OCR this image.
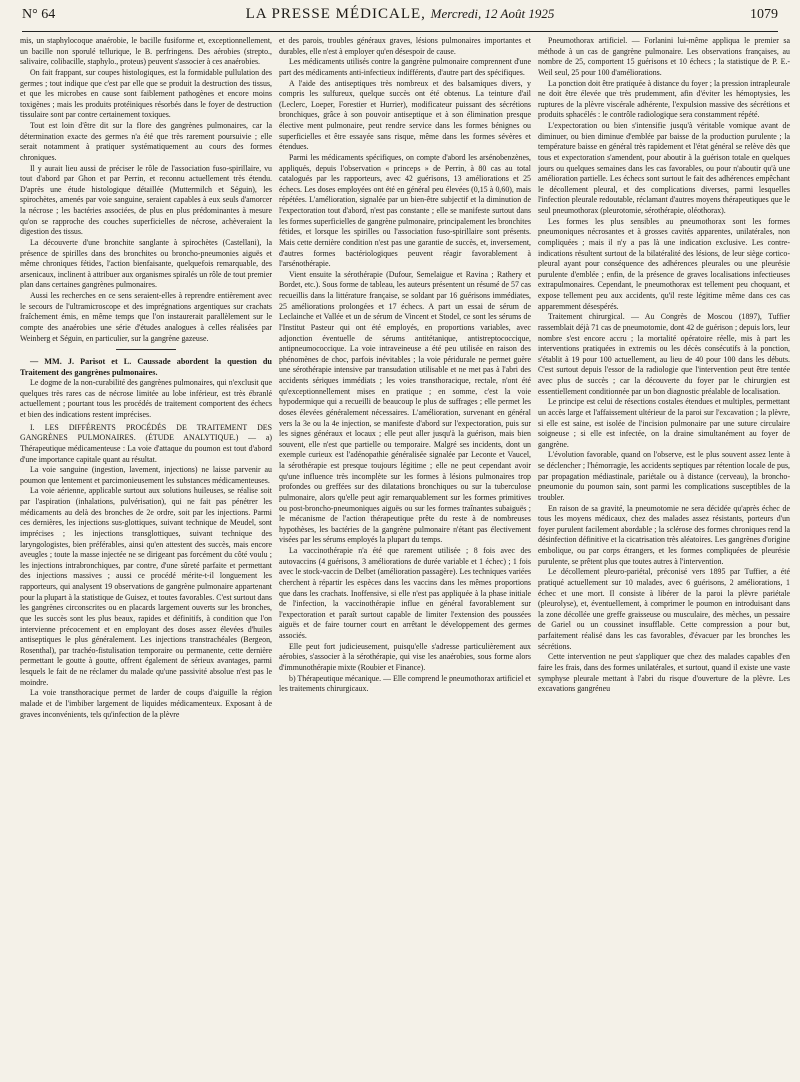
N° 64	LA PRESSE MÉDICALE, Mercredi, 12 Août 1925	1079

mis, un staphylocoque anaérobie, le bacille fusiforme et, exceptionnellement, un bacille non sporulé tellurique, le B. perfringens. Des aérobies (strepto., salivaire, colibacille, staphylo., proteus) peuvent s'associer à ces anaérobies.

On fait frappant, sur coupes histologiques, est la formidable pullulation des germes ; tout indique que c'est par elle que se produit la destruction des tissus, et que les microbes en cause sont faiblement pathogènes et encore moins toxigènes ; mais les produits protéiniques résorbés dans le foyer de destruction tissulaire sont par contre certainement toxiques.

Tout est loin d'être dit sur la flore des gangrènes pulmonaires, car la détermination exacte des germes n'a été que très rarement poursuivie ; elle serait notamment à pratiquer systématiquement au cours des formes chroniques.

Il y aurait lieu aussi de préciser le rôle de l'association fuso-spirillaire, vu tout d'abord par Ghon et par Perrin, et reconnu actuellement très étendu. D'après une étude histologique détaillée (Muttermilch et Séguin), les spirochètes, amenés par voie sanguine, seraient capables à eux seuls d'amorcer la nécrose ; les bactéries associées, de plus en plus prédominantes à mesure qu'on se rapproche des couches superficielles de nécrose, achèveraient la digestion des tissus.

La découverte d'une bronchite sanglante à spirochètes (Castellani), la présence de spirilles dans des bronchites ou broncho-pneumonies aiguës et même chroniques fétides, l'action bienfaisante, quelquefois remarquable, des arsenicaux, inclinent à attribuer aux organismes spiralés un rôle de tout premier plan dans certaines gangrènes pulmonaires.

Aussi les recherches en ce sens seraient-elles à reprendre entièrement avec le secours de l'ultramicroscope et des imprégnations argentiques sur crachats fraîchement émis, en même temps que l'on instaurerait parallèlement sur le compte des anaérobies une série d'études analogues à celles réalisées par Weinberg et Séguin, en particulier, sur la gangrène gazeuse.

— MM. J. Parisot et L. Caussade abordent la question du Traitement des gangrènes pulmonaires.

Le dogme de la non-curabilité des gangrènes pulmonaires, qui n'exclusit que quelques très rares cas de nécrose limitée au lobe inférieur, est très ébranlé actuellement ; pourtant tous les procédés de traitement comportent des échecs et bien des indications restent imprécises.

I. LES DIFFÉRENTS PROCÉDÉS DE TRAITEMENT DES GANGRÈNES PULMONAIRES. (ÉTUDE ANALYTIQUE.) — a) Thérapeutique médicamenteuse : La voie d'attaque du poumon est tout d'abord d'une importance capitale quant au résultat.

La voie sanguine (ingestion, lavement, injections) ne laisse parvenir au poumon que lentement et parcimonieusement les substances médicamenteuses.

La voie aérienne, applicable surtout aux solutions huileuses, se réalise soit par l'aspiration (inhalations, pulvérisation), qui ne fait pas pénétrer les médicaments au delà des bronches de 2e ordre, soit par les injections. Parmi ces dernières, les injections sus-glottiques, suivant technique de Meudel, sont imprécises ; les injections transglottiques, suivant technique des laryngologistes, bien préférables, ainsi qu'en attestent des succès, mais encore aveugles ; toute la masse injectée ne se dirigeant pas forcément du côté voulu ; les injections intrabronchiques, par contre, d'une sûreté parfaite et permettant des injections massives ; aussi ce procédé mérite-t-il longuement les rapporteurs, qui analysent 19 observations de gangrène pulmonaire appartenant pour la plupart à la statistique de Guisez, et toutes favorables. C'est surtout dans les gangrènes circonscrites ou en placards largement ouverts sur les bronches, que les succès sont les plus beaux, rapides et définitifs, à condition que l'on intervienne précocement et en employant des doses assez élevées d'huiles antiseptiques le plus généralement. Les injections transtrachéales (Bergeon, Rosenthal), par trachéo-fistulisation temporaire ou permanente, cette dernière permettant le goutte à goutte, offrent également de sérieux avantages, parmi lesquels le fait de ne réclamer du malade qu'une passivité absolue n'est pas le moindre.

La voie transthoracique permet de larder de coups d'aiguille la région malade et de l'imbiber largement de liquides médicamenteux. Exposant à de graves inconvénients, tels qu'infection de la plèvre

et des parois, troubles généraux graves, lésions pulmonaires importantes et durables, elle n'est à employer qu'en désespoir de cause.

Les médicaments utilisés contre la gangrène pulmonaire comprennent d'une part des médicaments anti-infectieux indifférents, d'autre part des spécifiques.

A l'aide des antiseptiques très nombreux et des balsamiques divers, y compris les sulfureux, quelque succès ont été obtenus. La teinture d'ail (Leclerc, Loeper, Forestier et Hurrier), modificateur puissant des sécrétions bronchiques, grâce à son pouvoir antiseptique et à son élimination presque élective ment pulmonaire, peut rendre service dans les formes bénignes ou superficielles et être essayée sans risque, même dans les formes sévères et étendues.

Parmi les médicaments spécifiques, on compte d'abord les arsénobenzènes, appliqués, depuis l'observation « princeps » de Perrin, à 80 cas au total catalogués par les rapporteurs, avec 42 guérisons, 13 améliorations et 25 échecs. Les doses employées ont été en général peu élevées (0,15 à 0,60), mais répétées. L'amélioration, signalée par un bien-être subjectif et la diminution de l'expectoration tout d'abord, n'est pas constante ; elle se manifeste surtout dans les formes superficielles de gangrène pulmonaire, principalement les bronchites fétides, et lorsque les spirilles ou l'association fuso-spirillaire sont présents. Mais cette dernière condition n'est pas une garantie de succès, et, inversement, d'autres formes bactériologiques peuvent réagir favorablement à l'arsénothérapie.

Vient ensuite la sérothérapie (Dufour, Semelaigue et Ravina ; Rathery et Bordet, etc.). Sous forme de tableau, les auteurs présentent un résumé de 57 cas recueillis dans la littérature française, se soldant par 16 guérisons immédiates, 25 améliorations prolongées et 17 échecs. A part un essai de sérum de Leclainche et Vallée et un de sérum de Vincent et Stodel, ce sont les sérums de l'Institut Pasteur qui ont été employés, en proportions variables, avec adjonction éventuelle de sérums antitétanique, antistreptococcique, antipneumococcique. La voie intraveineuse a été peu utilisée en raison des phénomènes de choc, parfois inévitables ; la voie péridurale ne permet guère une sérothérapie intensive par transudation utilisable et ne met pas à l'abri des accidents sériques immédiats ; les voies transthoracique, rectale, n'ont été qu'exceptionnellement mises en pratique ; en somme, c'est la voie hypodermique qui a recueilli de beaucoup le plus de suffrages ; elle permet les doses élevées généralement nécessaires. L'amélioration, survenant en général vers la 3e ou la 4e injection, se manifeste d'abord sur l'expectoration, puis sur les signes généraux et locaux ; elle peut aller jusqu'à la guérison, mais bien souvent, elle n'est que partielle ou temporaire. Malgré ses incidents, dont un exemple curieux est l'adénopathie généralisée signalée par Leconte et Vaucel, la sérothérapie est presque toujours légitime ; elle ne peut cependant avoir qu'une influence très incomplète sur les formes à lésions pulmonaires trop profondes ou greffées sur des dilatations bronchiques ou sur la tuberculose pulmonaire, alors qu'elle peut agir remarquablement sur les formes primitives ou post-broncho-pneumoniques aiguës ou sur les formes traînantes subaiguës ; le mécanisme de l'action thérapeutique prête du reste à de nombreuses hypothèses, les bactéries de la gangrène pulmonaire n'étant pas électivement visées par les sérums employés la plupart du temps.

La vaccinothérapie n'a été que rarement utilisée ; 8 fois avec des autovaccins (4 guérisons, 3 améliorations de durée variable et 1 échec) ; 1 fois avec le stock-vaccin de Delbet (amélioration passagère). Les techniques variées cherchent à répartir les espèces dans les vaccins dans les mêmes proportions que dans les crachats. Inoffensive, si elle n'est pas appliquée à la phase initiale de l'infection, la vaccinothérapie influe en général favorablement sur l'expectoration et paraît surtout capable de limiter l'extension des poussées aiguës et de faire tourner court en arrêtant le développement des germes associés.

Elle peut fort judicieusement, puisqu'elle s'adresse particulièrement aux aérobies, s'associer à la sérothérapie, qui vise les anaérobies, sous forme alors d'immunothérapie mixte (Roubier et Finance).

b) Thérapeutique mécanique. — Elle comprend le pneumothorax artificiel et les traitements chirurgicaux.

Pneumothorax artificiel. — Forlanini lui-même appliqua le premier sa méthode à un cas de gangrène pulmonaire. Les observations françaises, au nombre de 25, comportent 15 guérisons et 10 échecs ; la statistique de P. E.-Weil seul, 25 pour 100 d'améliorations.

La ponction doit être pratiquée à distance du foyer ; la pression intrapleurale ne doit être élevée que très prudemment, afin d'éviter les hémoptysies, les ruptures de la plèvre viscérale adhérente, l'expulsion massive des sécrétions et produits sphacélés : le contrôle radiologique sera constamment répété.

L'expectoration ou bien s'intensifie jusqu'à véritable vomique avant de diminuer, ou bien diminue d'emblée par baisse de la production purulente ; la température baisse en général très rapidement et l'état général se relève dès que tous et expectoration s'amendent, pour aboutir à la guérison totale en quelques jours ou quelques semaines dans les cas favorables, ou pour n'aboutir qu'à une amélioration partielle. Les échecs sont surtout le fait des adhérences empêchant le décollement pleural, et des complications diverses, parmi lesquelles l'infection pleurale redoutable, réclamant d'autres moyens thérapeutiques que le seul pneumothorax (pleurotomie, sérothérapie, oléothorax).

Les formes les plus sensibles au pneumothorax sont les formes pneumoniques nécrosantes et à grosses cavités apparentes, unilatérales, non compliquées ; mais il n'y a pas là une indication exclusive. Les contre-indications résultent surtout de la bilatéralité des lésions, de leur siège cortico-pleural ayant pour conséquence des adhérences pleurales ou une pleurésie purulente d'emblée ; enfin, de la présence de graves localisations infectieuses extrapulmonaires. Cependant, le pneumothorax est tellement peu choquant, et expose tellement peu aux accidents, qu'il reste légitime même dans ces cas apparemment désespérés.

Traitement chirurgical. — Au Congrès de Moscou (1897), Tuffier rassemblait déjà 71 cas de pneumotomie, dont 42 de guérison ; depuis lors, leur nombre s'est encore accru ; la mortalité opératoire réelle, mis à part les interventions pratiquées in extremis ou les décès consécutifs à la ponction, s'établit à 19 pour 100 actuellement, au lieu de 40 pour 100 dans les débuts. C'est surtout depuis l'essor de la radiologie que l'intervention peut être tentée avec plus de succès ; car la découverte du foyer par le chirurgien est essentiellement conditionnée par un bon diagnostic préalable de localisation.

Le principe est celui de résections costales étendues et multiples, permettant un accès large et l'affaissement ultérieur de la paroi sur l'excavation ; la plèvre, si elle est saine, est isolée de l'incision pulmonaire par une suture circulaire soigneuse ; si elle est infectée, on la draine simultanément au foyer de gangrène.

L'évolution favorable, quand on l'observe, est le plus souvent assez lente à se déclencher ; l'hémorragie, les accidents septiques par rétention locale de pus, par propagation médiastinale, pariétale ou à distance (cerveau), la broncho-pneumonie du poumon sain, sont parmi les complications susceptibles de la troubler.

En raison de sa gravité, la pneumotomie ne sera décidée qu'après échec de tous les moyens médicaux, chez des malades assez résistants, porteurs d'un foyer purulent facilement abordable ; la sclérose des formes chroniques rend la désinfection définitive et la cicatrisation très aléatoires. Les gangrènes d'origine embolique, ou par corps étrangers, et les formes compliquées de pleurésie purulente, se prêtent plus que toutes autres à l'intervention.

Le décollement pleuro-pariétal, préconisé vers 1895 par Tuffier, a été pratiqué actuellement sur 10 malades, avec 6 guérisons, 2 améliorations, 1 échec et une mort. Il consiste à libérer de la paroi la plèvre pariétale (pleurolyse), et, éventuellement, à comprimer le poumon en introduisant dans la zone décollée une greffe graisseuse ou musculaire, des mèches, un pessaire de Gariel ou un coussinet insufflable. Cette compression a pour but, parfaitement réalisé dans les cas favorables, d'évacuer par les bronches les sécrétions.

Cette intervention ne peut s'appliquer que chez des malades capables d'en faire les frais, dans des formes unilatérales, et surtout, quand il existe une vaste symphyse pleurale mettant à l'abri du risque d'ouverture de la plèvre. Les excavations gangréneu
